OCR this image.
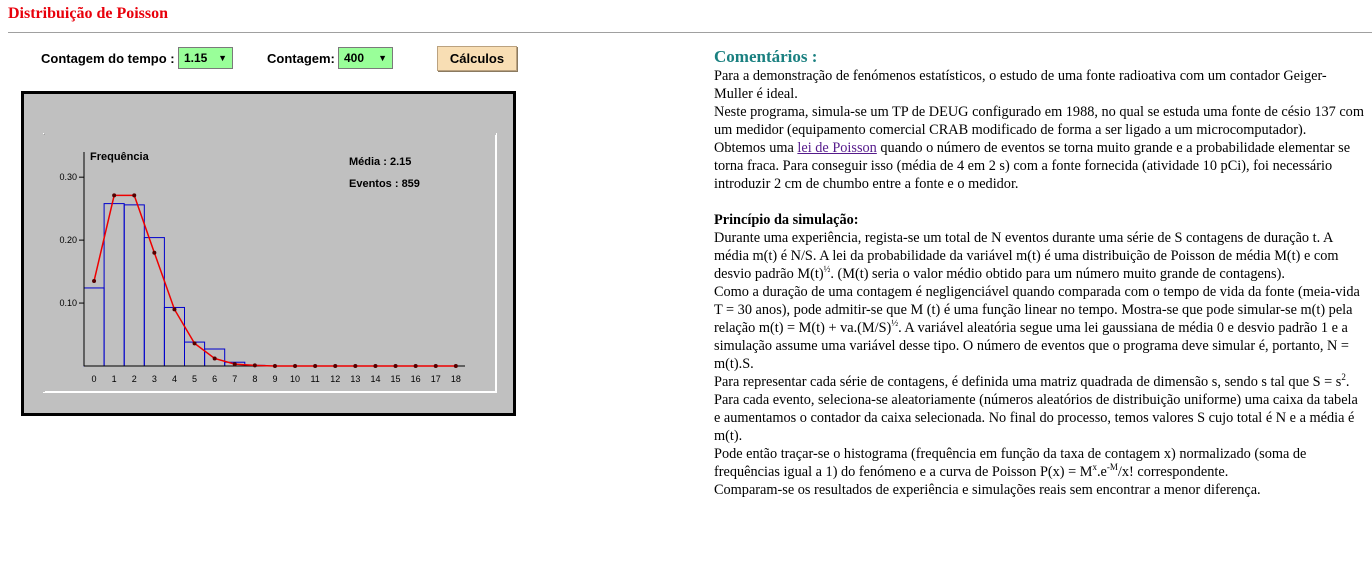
Distribuição de Poisson
Contagem do tempo : 1.15 ▼	Contagem: 400 ▼	Cálculos
0.30
0.20
0.10
0 1 2 3 4 5 6 7 8 9 10 11 12 13 14 15 16 17 18
Frequência	Média : 2.15
Eventos : 859
Comentários :

Para a demonstração de fenómenos estatísticos, o estudo de uma fonte radioativa com um contador Geiger-Muller é ideal.
Neste programa, simula-se um TP de DEUG configurado em 1988, no qual se estuda uma fonte de césio 137 com um medidor (equipamento comercial CRAB modificado de forma a ser ligado a um microcomputador).
Obtemos uma lei de Poisson quando o número de eventos se torna muito grande e a probabilidade elementar se torna fraca. Para conseguir isso (média de 4 em 2 s) com a fonte fornecida (atividade 10 pCi), foi necessário introduzir 2 cm de chumbo entre a fonte e o medidor.

Princípio da simulação:
Durante uma experiência, regista-se um total de N eventos durante uma série de S contagens de duração t. A média m(t) é N/S. A lei da probabilidade da variável m(t) é uma distribuição de Poisson de média M(t) e com desvio padrão $M(t)^{\frac{1}{2}}$. (M(t) seria o valor médio obtido para um número muito grande de contagens).
Como a duração de uma contagem é negligenciável quando comparada com o tempo de vida da fonte (meia-vida T = 30 anos), pode admitir-se que M (t) é uma função linear no tempo. Mostra-se que pode simular-se m(t) pela relação $m(t) = M(t) + va.(M/S)^{\frac{1}{2}}$. A variável aleatória segue uma lei gaussiana de média 0 e desvio padrão 1 e a simulação assume uma variável desse tipo. O número de eventos que o programa deve simular é, portanto, N = m(t).S.
Para representar cada série de contagens, é definida uma matriz quadrada de dimensão s, sendo s tal que $S = s^2$. Para cada evento, seleciona-se aleatoriamente (números aleatórios de distribuição uniforme) uma caixa da tabela e aumentamos o contador da caixa selecionada. No final do processo, temos valores S cujo total é N e a média é m(t).
Pode então traçar-se o histograma (frequência em função da taxa de contagem x) normalizado (soma de frequências igual a 1) do fenómeno e a curva de Poisson $P(x) = M^x.e^{-M}/x$! correspondente.
Comparam-se os resultados de experiência e simulações reais sem encontrar a menor diferença.
